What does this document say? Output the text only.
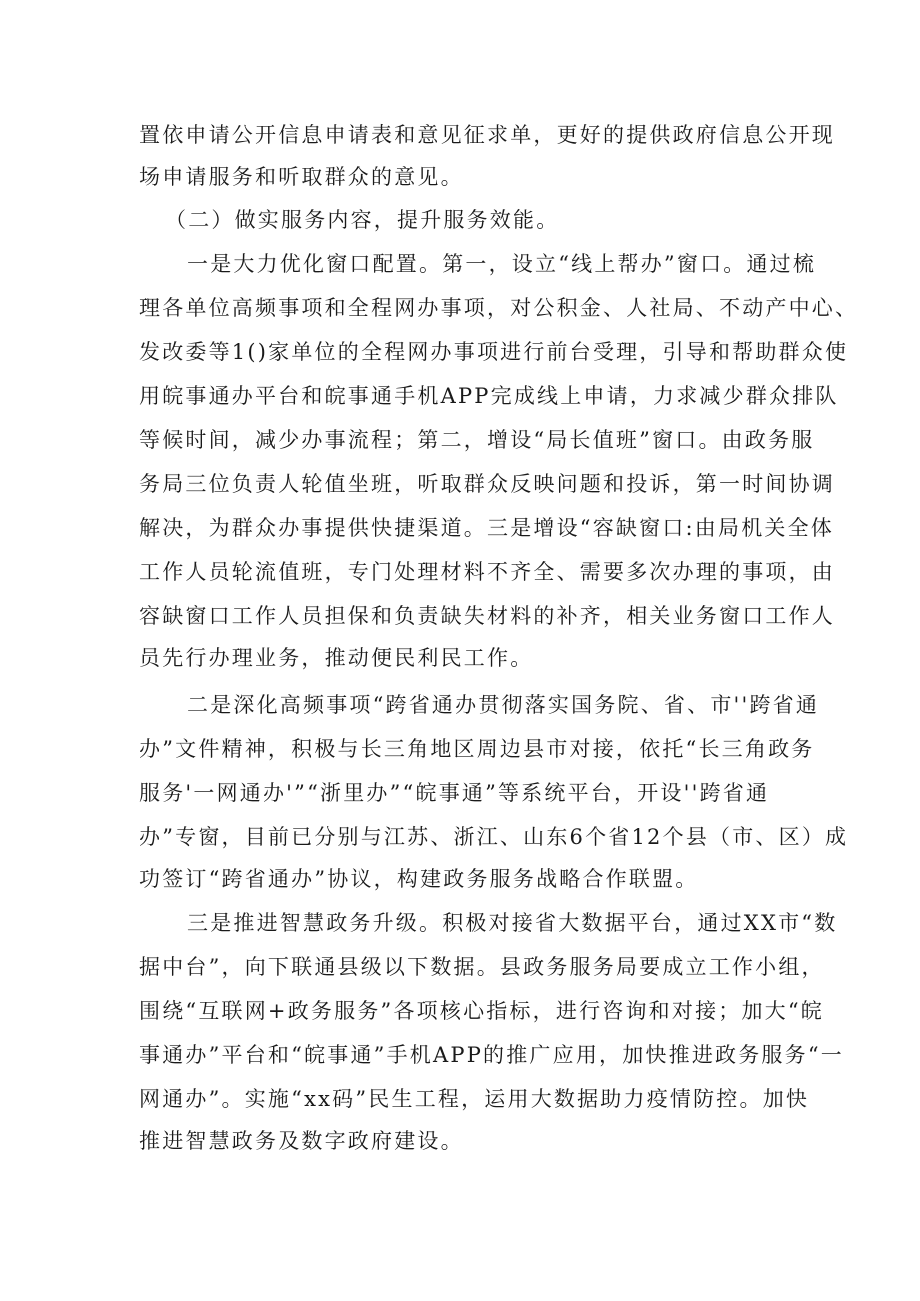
置依申请公开信息申请表和意见征求单，更好的提供政府信息公开现
场申请服务和听取群众的意见。
（二）做实服务内容，提升服务效能。
一是大力优化窗口配置。第一，设立“线上帮办”窗口。通过梳
理各单位高频事项和全程网办事项，对公积金、人社局、不动产中心、
发改委等1()家单位的全程网办事项进行前台受理，引导和帮助群众使
用皖事通办平台和皖事通手机APP完成线上申请，力求减少群众排队
等候时间，减少办事流程；第二，增设“局长值班”窗口。由政务服
务局三位负责人轮值坐班，听取群众反映问题和投诉，第一时间协调
解决，为群众办事提供快捷渠道。三是增设“容缺窗口:由局机关全体
工作人员轮流值班，专门处理材料不齐全、需要多次办理的事项，由
容缺窗口工作人员担保和负责缺失材料的补齐，相关业务窗口工作人
员先行办理业务，推动便民利民工作。
二是深化高频事项“跨省通办贯彻落实国务院、省、市''跨省通
办”文件精神，积极与长三角地区周边县市对接，依托“长三角政务
服务'一网通办'”“浙里办”“皖事通”等系统平台，开设''跨省通
办”专窗，目前已分别与江苏、浙江、山东6个省12个县（市、区）成
功签订“跨省通办”协议，构建政务服务战略合作联盟。
三是推进智慧政务升级。积极对接省大数据平台，通过XX市“数
据中台”，向下联通县级以下数据。县政务服务局要成立工作小组，
围绕“互联网+政务服务”各项核心指标，进行咨询和对接；加大“皖
事通办”平台和“皖事通”手机APP的推广应用，加快推进政务服务“一
网通办”。实施“xx码”民生工程，运用大数据助力疫情防控。加快
推进智慧政务及数字政府建设。
